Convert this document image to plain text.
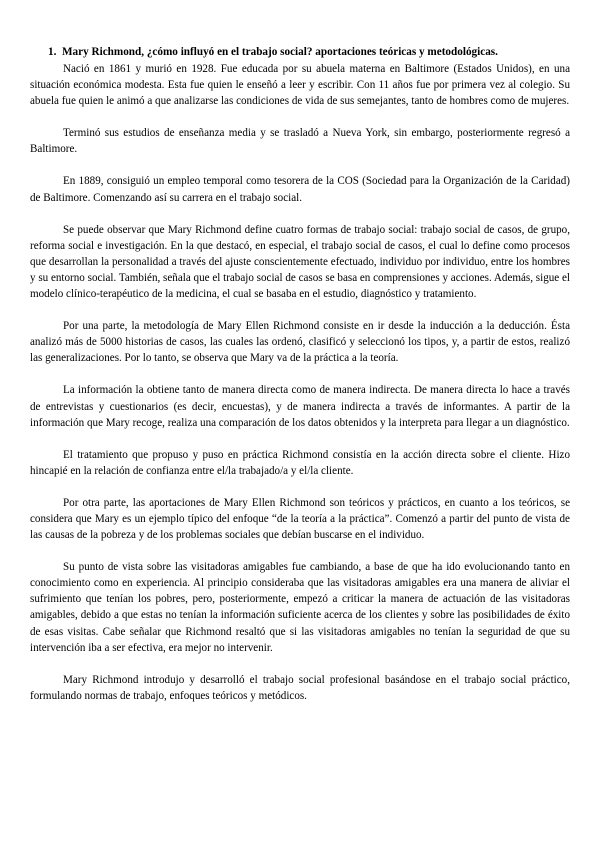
1. Mary Richmond, ¿cómo influyó en el trabajo social? aportaciones teóricas y metodológicas.

Nació en 1861 y murió en 1928. Fue educada por su abuela materna en Baltimore (Estados Unidos), en una situación económica modesta. Esta fue quien le enseñó a leer y escribir. Con 11 años fue por primera vez al colegio. Su abuela fue quien le animó a que analizarse las condiciones de vida de sus semejantes, tanto de hombres como de mujeres.

Terminó sus estudios de enseñanza media y se trasladó a Nueva York, sin embargo, posteriormente regresó a Baltimore.

En 1889, consiguió un empleo temporal como tesorera de la COS (Sociedad para la Organización de la Caridad) de Baltimore. Comenzando así su carrera en el trabajo social.

Se puede observar que Mary Richmond define cuatro formas de trabajo social: trabajo social de casos, de grupo, reforma social e investigación. En la que destacó, en especial, el trabajo social de casos, el cual lo define como procesos que desarrollan la personalidad a través del ajuste conscientemente efectuado, individuo por individuo, entre los hombres y su entorno social. También, señala que el trabajo social de casos se basa en comprensiones y acciones. Además, sigue el modelo clínico-terapéutico de la medicina, el cual se basaba en el estudio, diagnóstico y tratamiento.

Por una parte, la metodología de Mary Ellen Richmond consiste en ir desde la inducción a la deducción. Ésta analizó más de 5000 historias de casos, las cuales las ordenó, clasificó y seleccionó los tipos, y, a partir de estos, realizó las generalizaciones. Por lo tanto, se observa que Mary va de la práctica a la teoría.

La información la obtiene tanto de manera directa como de manera indirecta. De manera directa lo hace a través de entrevistas y cuestionarios (es decir, encuestas), y de manera indirecta a través de informantes. A partir de la información que Mary recoge, realiza una comparación de los datos obtenidos y la interpreta para llegar a un diagnóstico.

El tratamiento que propuso y puso en práctica Richmond consistía en la acción directa sobre el cliente. Hizo hincapié en la relación de confianza entre el/la trabajado/a y el/la cliente.

Por otra parte, las aportaciones de Mary Ellen Richmond son teóricos y prácticos, en cuanto a los teóricos, se considera que Mary es un ejemplo típico del enfoque “de la teoría a la práctica”. Comenzó a partir del punto de vista de las causas de la pobreza y de los problemas sociales que debían buscarse en el individuo.

Su punto de vista sobre las visitadoras amigables fue cambiando, a base de que ha ido evolucionando tanto en conocimiento como en experiencia. Al principio consideraba que las visitadoras amigables era una manera de aliviar el sufrimiento que tenían los pobres, pero, posteriormente, empezó a criticar la manera de actuación de las visitadoras amigables, debido a que estas no tenían la información suficiente acerca de los clientes y sobre las posibilidades de éxito de esas visitas. Cabe señalar que Richmond resaltó que si las visitadoras amigables no tenían la seguridad de que su intervención iba a ser efectiva, era mejor no intervenir.

Mary Richmond introdujo y desarrolló el trabajo social profesional basándose en el trabajo social práctico, formulando normas de trabajo, enfoques teóricos y metódicos.
